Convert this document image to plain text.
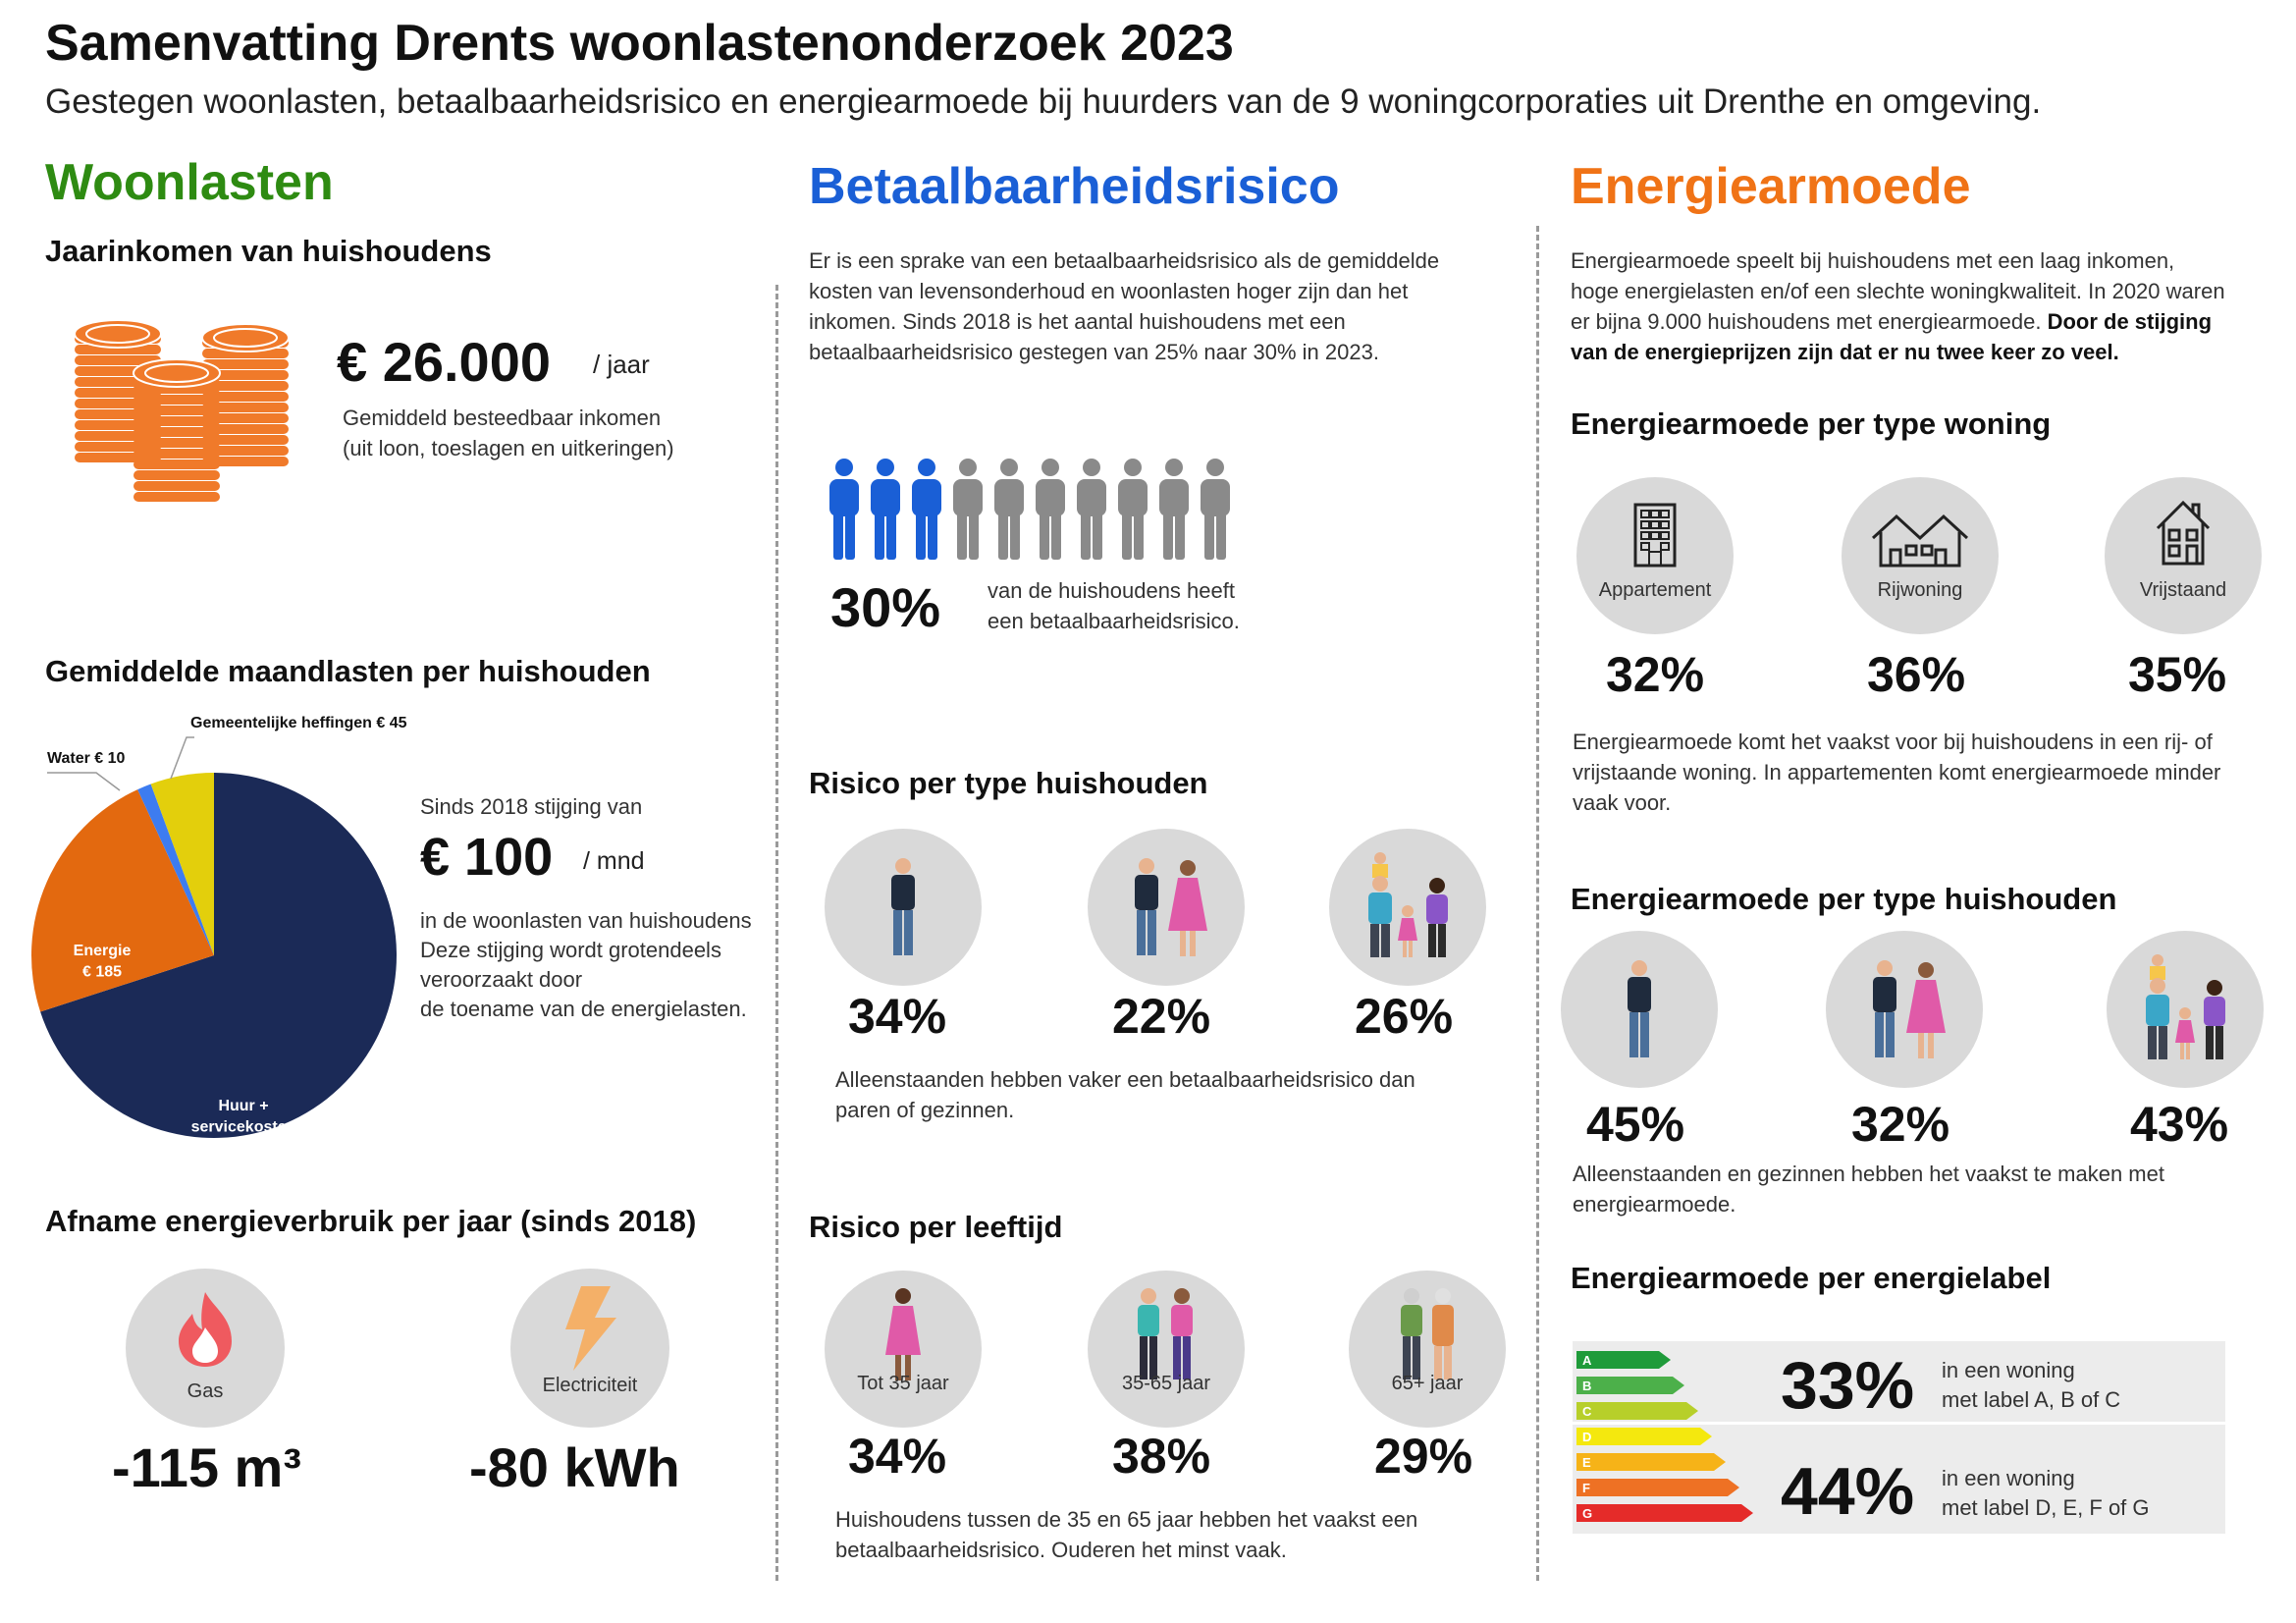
Samenvatting Drents woonlastenonderzoek 2023
Gestegen woonlasten, betaalbaarheidsrisico en energiearmoede bij huurders van de 9 woningcorporaties uit Drenthe en omgeving.
Woonlasten
Jaarinkomen van huishoudens
€ 26.000 / jaar
Gemiddeld besteedbaar inkomen
(uit loon, toeslagen en uitkeringen)
Gemiddelde maandlasten per huishouden
Huur + servicekosten € 560
Energie € 185
Water € 10
Gemeentelijke heffingen € 45
Sinds 2018 stijging van
€ 100 / mnd
in de woonlasten van huishoudens
Deze stijging wordt grotendeels
veroorzaakt door
de toename van de energielasten.
Afname energieverbruik per jaar (sinds 2018)
Gas
-115 m³
Electriciteit
-80 kWh
Betaalbaarheidsrisico
Er is een sprake van een betaalbaarheidsrisico als de gemiddelde
kosten van levensonderhoud en woonlasten hoger zijn dan het
inkomen. Sinds 2018 is het aantal huishoudens met een
betaalbaarheidsrisico gestegen van 25% naar 30% in 2023.
30% van de huishoudens heeft
een betaalbaarheidsrisico.
Risico per type huishouden
34%	22%	26%
Alleenstaanden hebben vaker een betaalbaarheidsrisico dan
paren of gezinnen.
Risico per leeftijd
Tot 35 jaar
34%
35-65 jaar
38%
65+ jaar
29%
Huishoudens tussen de 35 en 65 jaar hebben het vaakst een
betaalbaarheidsrisico. Ouderen het minst vaak.
Energiearmoede
Energiearmoede speelt bij huishoudens met een laag inkomen,
hoge energielasten en/of een slechte woningkwaliteit. In 2020 waren
er bijna 9.000 huishoudens met energiearmoede. Door de stijging
van de energieprijzen zijn dat er nu twee keer zo veel.
Energiearmoede per type woning
Appartement
32%
Rijwoning
36%
Vrijstaand
35%
Energiearmoede komt het vaakst voor bij huishoudens in een rij- of
vrijstaande woning. In appartementen komt energiearmoede minder
vaak voor.
Energiearmoede per type huishouden
45%	32%	43%
Alleenstaanden en gezinnen hebben het vaakst te maken met
energiearmoede.
Energiearmoede per energielabel
A
B
C
D
E
F
G
33% in een woning
met label A, B of C
44% in een woning
met label D, E, F of G
